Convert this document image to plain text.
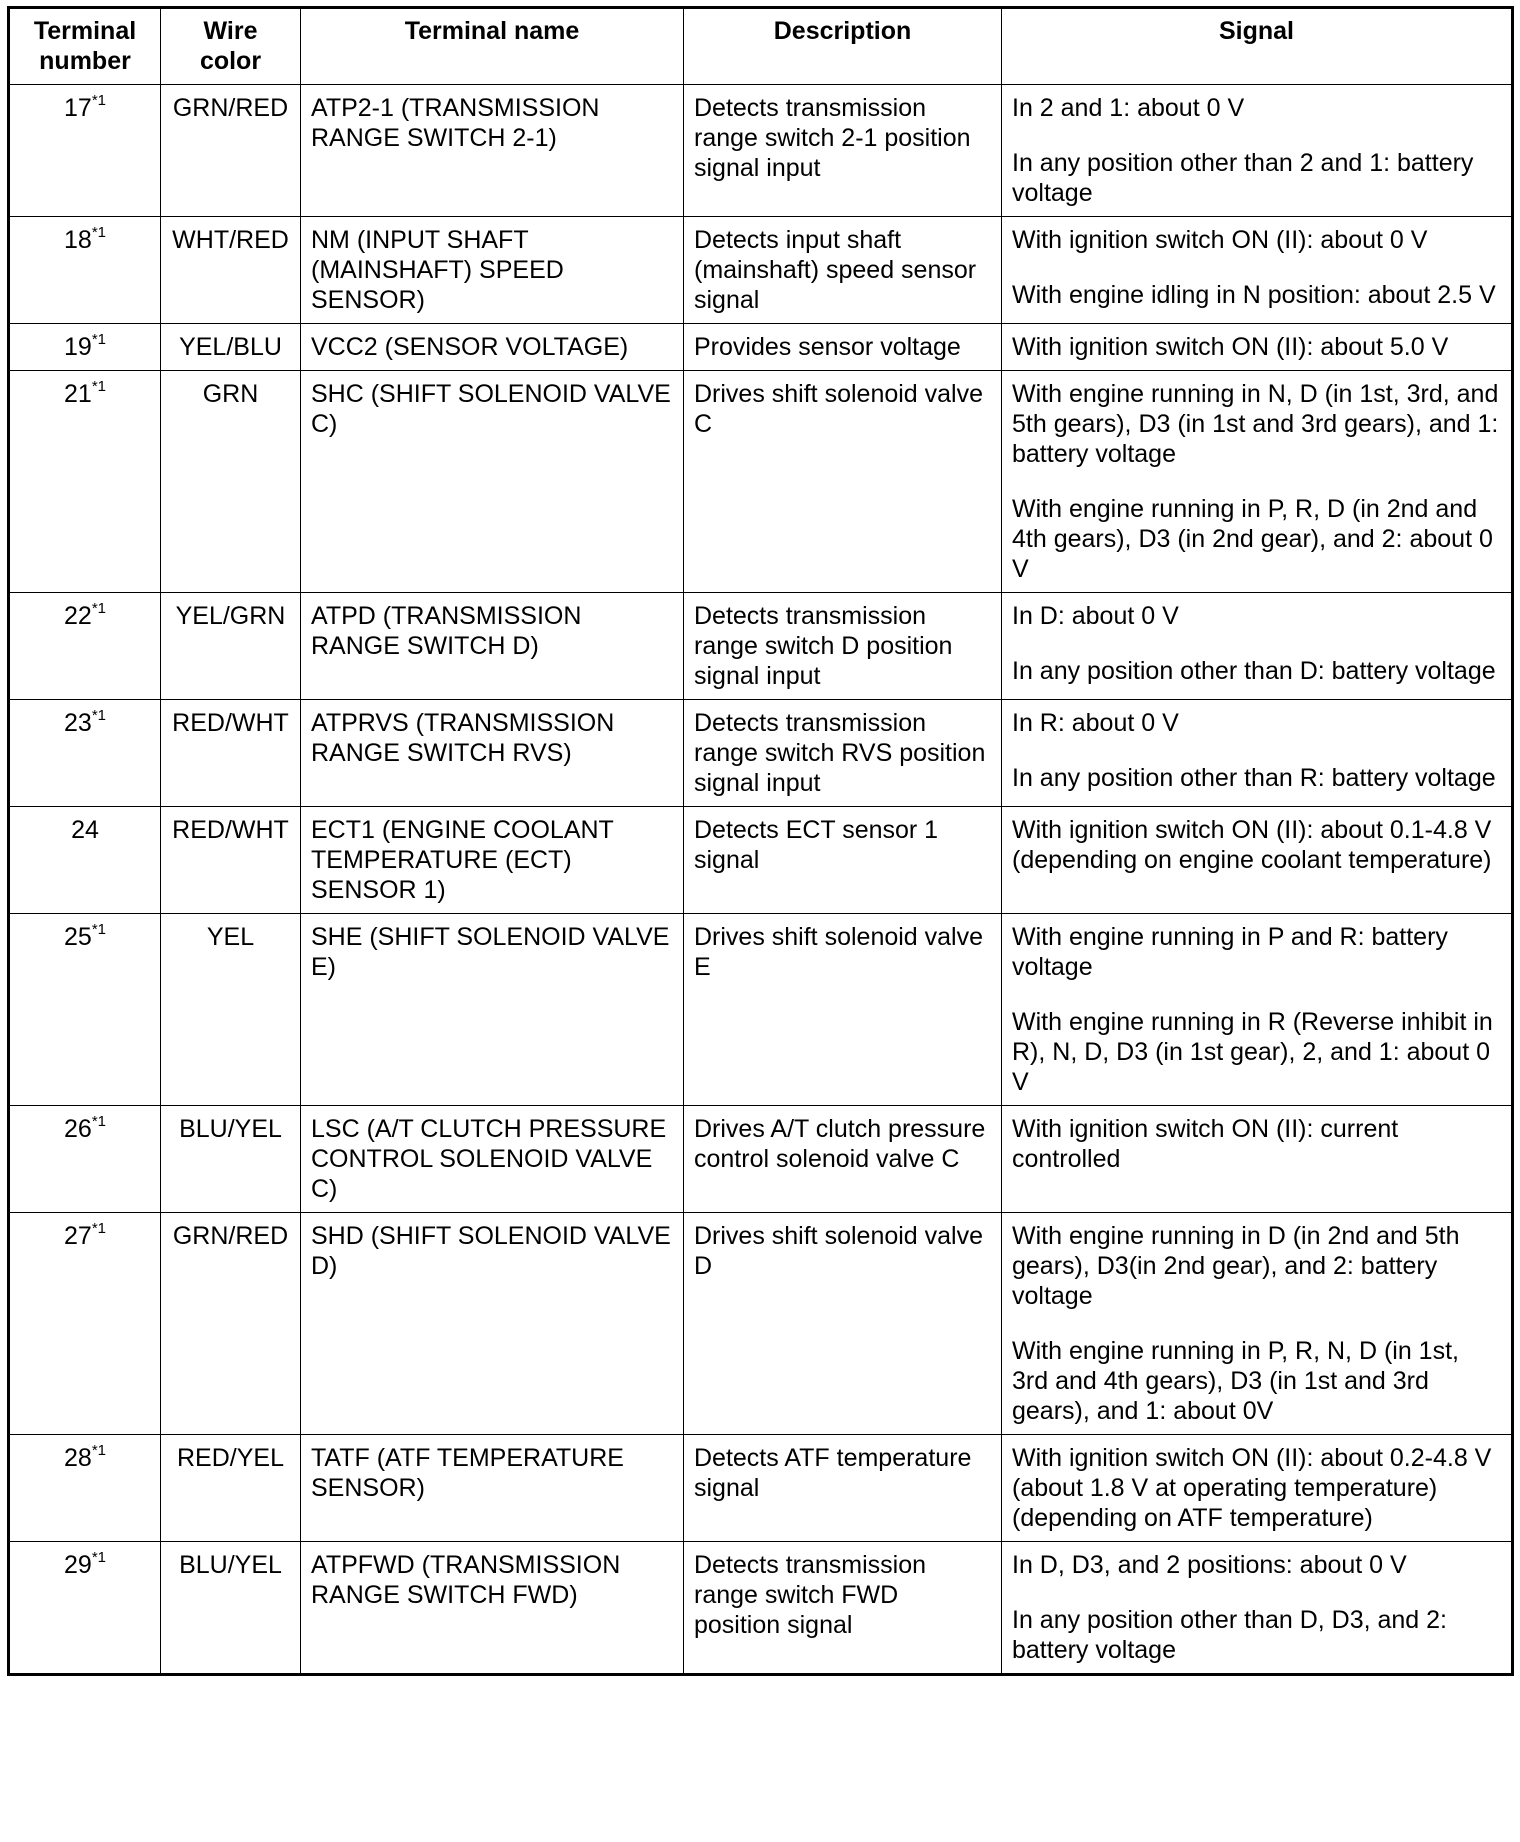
Terminal number	Wire color	Terminal name	Description	Signal
17$^{*1}$	GRN/RED	ATP2-1 (TRANSMISSION RANGE SWITCH 2-1)	Detects transmission range switch 2-1 position signal input	In 2 and 1: about 0 V

In any position other than 2 and 1: battery voltage

18$^{*1}$	WHT/RED	NM (INPUT SHAFT (MAINSHAFT) SPEED SENSOR)	Detects input shaft (mainshaft) speed sensor signal	With ignition switch ON (II): about 0 V

With engine idling in N position: about 2.5 V

19$^{*1}$	YEL/BLU	VCC2 (SENSOR VOLTAGE)	Provides sensor voltage	With ignition switch ON (II): about 5.0 V

21$^{*1}$	GRN	SHC (SHIFT SOLENOID VALVE C)	Drives shift solenoid valve C	With engine running in N, D (in 1st, 3rd, and 5th gears), D3 (in 1st and 3rd gears), and 1: battery voltage

With engine running in P, R, D (in 2nd and 4th gears), D3 (in 2nd gear), and 2: about 0 V

22$^{*1}$	YEL/GRN	ATPD (TRANSMISSION RANGE SWITCH D)	Detects transmission range switch D position signal input	In D: about 0 V

In any position other than D: battery voltage

23$^{*1}$	RED/WHT	ATPRVS (TRANSMISSION RANGE SWITCH RVS)	Detects transmission range switch RVS position signal input	In R: about 0 V

In any position other than R: battery voltage

24	RED/WHT	ECT1 (ENGINE COOLANT TEMPERATURE (ECT) SENSOR 1)	Detects ECT sensor 1 signal	With ignition switch ON (II): about 0.1-4.8 V (depending on engine coolant temperature)

25$^{*1}$	YEL	SHE (SHIFT SOLENOID VALVE E)	Drives shift solenoid valve E	With engine running in P and R: battery voltage

With engine running in R (Reverse inhibit in R), N, D, D3 (in 1st gear), 2, and 1: about 0 V

26$^{*1}$	BLU/YEL	LSC (A/T CLUTCH PRESSURE CONTROL SOLENOID VALVE C)	Drives A/T clutch pressure control solenoid valve C	With ignition switch ON (II): current controlled

27$^{*1}$	GRN/RED	SHD (SHIFT SOLENOID VALVE D)	Drives shift solenoid valve D	With engine running in D (in 2nd and 5th gears), D3(in 2nd gear), and 2: battery voltage

With engine running in P, R, N, D (in 1st, 3rd and 4th gears), D3 (in 1st and 3rd gears), and 1: about 0V

28$^{*1}$	RED/YEL	TATF (ATF TEMPERATURE SENSOR)	Detects ATF temperature signal	With ignition switch ON (II): about 0.2-4.8 V (about 1.8 V at operating temperature) (depending on ATF temperature)

29$^{*1}$	BLU/YEL	ATPFWD (TRANSMISSION RANGE SWITCH FWD)	Detects transmission range switch FWD position signal	In D, D3, and 2 positions: about 0 V

In any position other than D, D3, and 2: battery voltage
